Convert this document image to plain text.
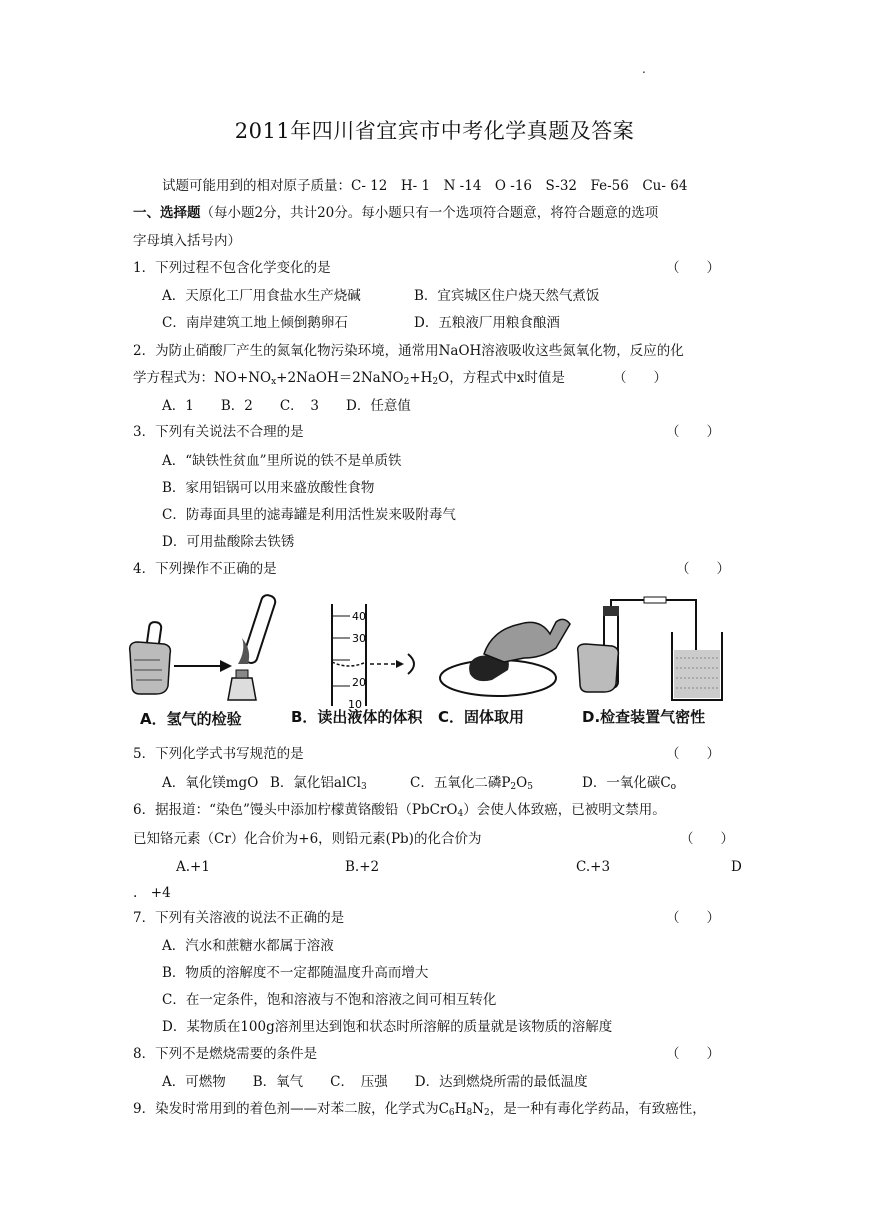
.
2011年四川省宜宾市中考化学真题及答案
试题可能用到的相对原子质量：C- 12　H- 1　N -14　O -16　S-32　Fe-56　Cu- 64
一、选择题（每小题2分，共计20分。每小题只有一个选项符合题意，将符合题意的选项
字母填入括号内）
1．下列过程不包含化学变化的是	（　　）
A．天原化工厂用食盐水生产烧碱	B．宜宾城区住户烧天然气煮饭
C．南岸建筑工地上倾倒鹅卵石	D．五粮液厂用粮食酿酒
2．为防止硝酸厂产生的氮氧化物污染环境，通常用NaOH溶液吸收这些氮氧化物，反应的化
学方程式为：$NO+NO_x+2NaOH=2NaNO_2+H_2O$，方程式中x时值是	（　　）
A．1　　B．2　　C．　3　　D．任意值
3．下列有关说法不合理的是	（　　）
A．“缺铁性贫血”里所说的铁不是单质铁
B．家用铝锅可以用来盛放酸性食物
C．防毒面具里的滤毒罐是利用活性炭来吸附毒气
D．可用盐酸除去铁锈
4．下列操作不正确的是	（　　）
40
30
20
10
A．氢气的检验	B．读出液体的体积 C．固体取用	D.检查装置气密性
5．下列化学式书写规范的是	（　　）
A．氧化镁mgO B．氯化铝alCl$_3$	C．五氧化二磷$P_2O_5$	D．一氧化碳$C_o$
6．据报道：“染色”馒头中添加柠檬黄铬酸铅（PbCrO$_4$）会使人体致癌，已被明文禁用。
已知铬元素（Cr）化合价为+6，则铅元素(Pb)的化合价为	（　　）
A.+1	B.+2	C.+3	D
.　+4
7．下列有关溶液的说法不正确的是	（　　）
A．汽水和蔗糖水都属于溶液
B．物质的溶解度不一定都随温度升高而增大
C．在一定条件，饱和溶液与不饱和溶液之间可相互转化
D．某物质在100g溶剂里达到饱和状态时所溶解的质量就是该物质的溶解度
8．下列不是燃烧需要的条件是	（　　）
A．可燃物　　B．氧气　　C．　压强　　D．达到燃烧所需的最低温度
9．染发时常用到的着色剂——对苯二胺，化学式为$C_6H_8N_2$，是一种有毒化学药品，有致癌性，
